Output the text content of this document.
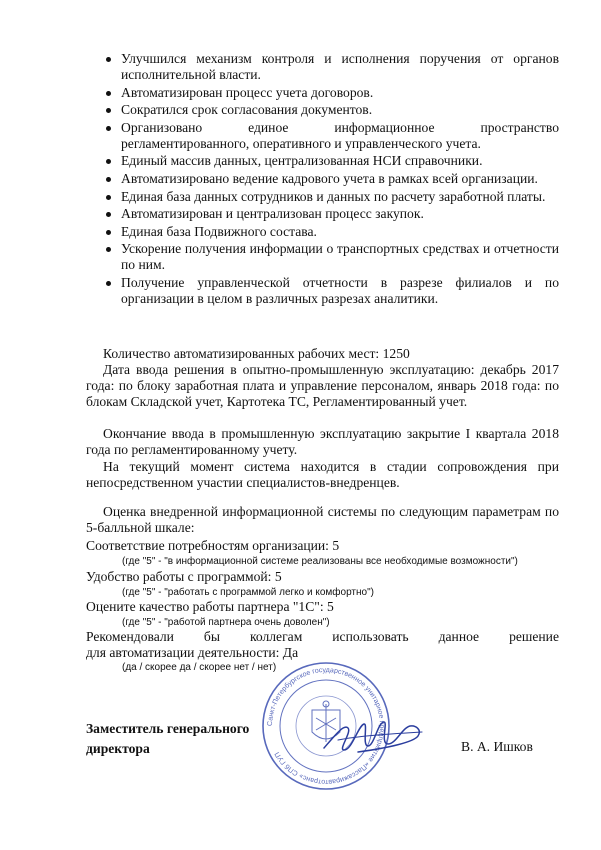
Улучшился механизм контроля и исполнения поручения от органов исполнительной власти.
Автоматизирован процесс учета договоров.
Сократился срок согласования документов.
Организовано единое информационное пространство регламентированного, оперативного и управленческого учета.
Единый массив данных, централизованная НСИ справочники.
Автоматизировано ведение кадрового учета в рамках всей организации.
Единая база данных сотрудников и данных по расчету заработной платы.
Автоматизирован и централизован процесс закупок.
Единая база Подвижного состава.
Ускорение получения информации о транспортных средствах и отчетности по ним.
Получение управленческой отчетности в разрезе филиалов и по организации в целом в различных разрезах аналитики.

Количество автоматизированных рабочих мест: 1250

Дата ввода решения в опытно-промышленную эксплуатацию: декабрь 2017 года: по блоку заработная плата и управление персоналом, январь 2018 года: по блокам Складской учет, Картотека ТС, Регламентированный учет.

Окончание ввода в промышленную эксплуатацию закрытие I квартала 2018 года по регламентированному учету.

На текущий момент система находится в стадии сопровождения при непосредственном участии специалистов-внедренцев.

Оценка внедренной информационной системы по следующим параметрам по 5-балльной шкале:

Соответствие потребностям организации: 5

(где "5" - "в информационной системе реализованы все необходимые возможности")

Удобство работы с программой: 5

(где "5" - "работать с программой легко и комфортно")

Оцените качество работы партнера "1С": 5

(где "5" - "работой партнера очень доволен")

Рекомендовали бы коллегам использовать данное решение

для автоматизации деятельности: Да

(да / скорее да / скорее нет / нет)

Санкт-Петербургское государственное унитарное предприятие «Пассажиравтотранс» СПб ГУП
Заместитель генерального
директора	В. А. Ишков
